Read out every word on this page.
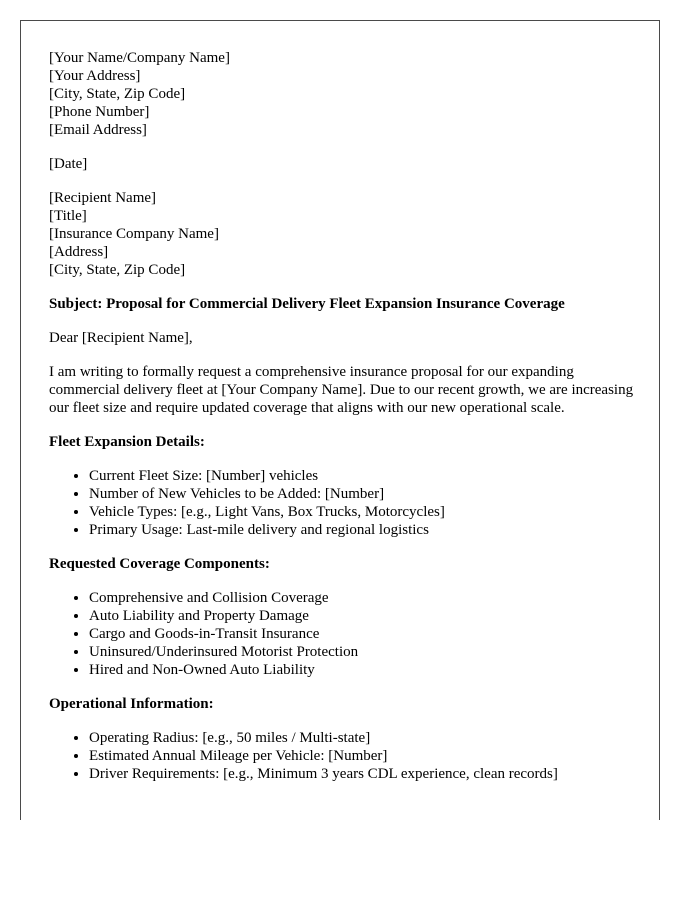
[Your Name/Company Name]
[Your Address]
[City, State, Zip Code]
[Phone Number]
[Email Address]
[Date]
[Recipient Name]
[Title]
[Insurance Company Name]
[Address]
[City, State, Zip Code]
Subject: Proposal for Commercial Delivery Fleet Expansion Insurance Coverage

Dear [Recipient Name],

I am writing to formally request a comprehensive insurance proposal for our expanding commercial delivery fleet at [Your Company Name]. Due to our recent growth, we are increasing our fleet size and require updated coverage that aligns with our new operational scale.

Fleet Expansion Details:
• Current Fleet Size: [Number] vehicles
• Number of New Vehicles to be Added: [Number]
• Vehicle Types: [e.g., Light Vans, Box Trucks, Motorcycles]
• Primary Usage: Last-mile delivery and regional logistics
Requested Coverage Components:
• Comprehensive and Collision Coverage
• Auto Liability and Property Damage
• Cargo and Goods-in-Transit Insurance
• Uninsured/Underinsured Motorist Protection
• Hired and Non-Owned Auto Liability
Operational Information:
• Operating Radius: [e.g., 50 miles / Multi-state]
• Estimated Annual Mileage per Vehicle: [Number]
• Driver Requirements: [e.g., Minimum 3 years CDL experience, clean records]
